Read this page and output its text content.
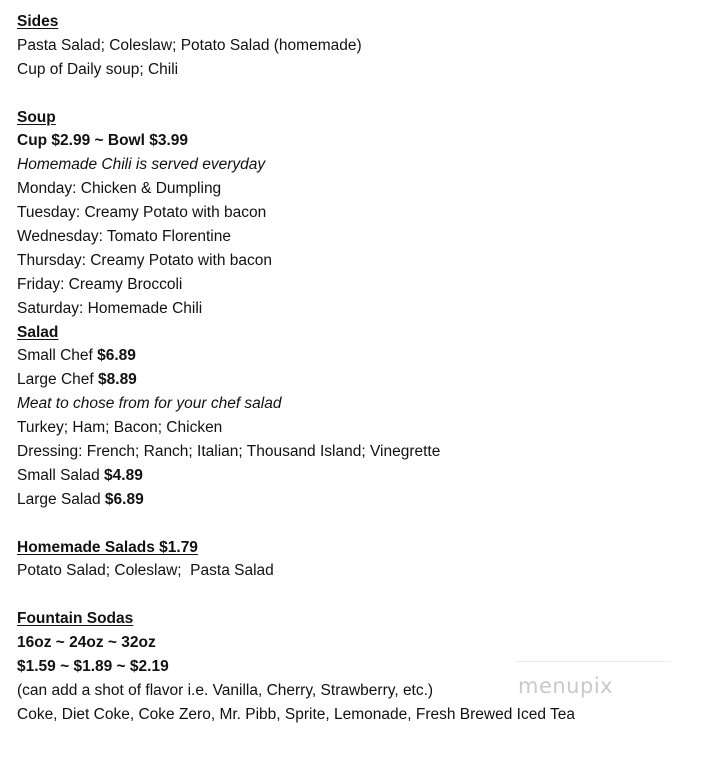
Sides
Pasta Salad; Coleslaw; Potato Salad (homemade)
Cup of Daily soup; Chili
Soup
Cup $2.99 ~ Bowl $3.99
Homemade Chili is served everyday
Monday: Chicken & Dumpling
Tuesday: Creamy Potato with bacon
Wednesday: Tomato Florentine
Thursday: Creamy Potato with bacon
Friday: Creamy Broccoli
Saturday: Homemade Chili
Salad
Small Chef $6.89
Large Chef $8.89
Meat to chose from for your chef salad
Turkey; Ham; Bacon; Chicken
Dressing: French; Ranch; Italian; Thousand Island; Vinegrette
Small Salad $4.89
Large Salad $6.89
Homemade Salads $1.79
Potato Salad; Coleslaw;  Pasta Salad
Fountain Sodas
16oz ~ 24oz ~ 32oz
$1.59 ~ $1.89 ~ $2.19
(can add a shot of flavor i.e. Vanilla, Cherry, Strawberry, etc.)
Coke, Diet Coke, Coke Zero, Mr. Pibb, Sprite, Lemonade, Fresh Brewed Iced Tea
menupix
